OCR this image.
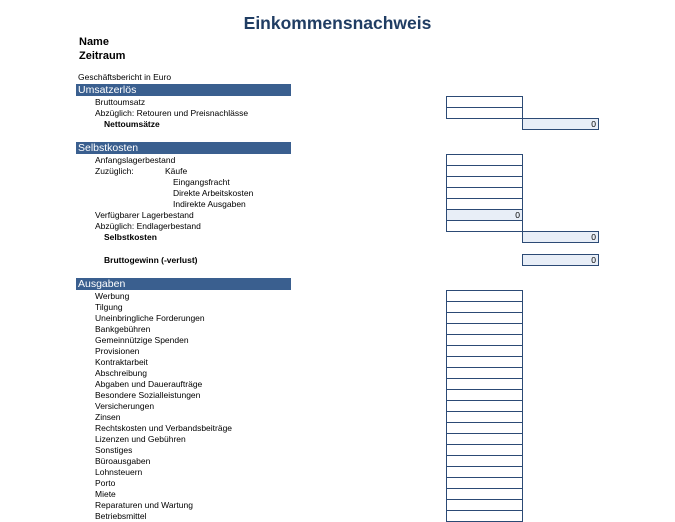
Einkommensnachweis
Name
Zeitraum
Geschäftsbericht in Euro
Umsatzerlös
Bruttoumsatz
Abzüglich: Retouren und Preisnachlässe
Nettoumsätze	0
Selbstkosten
Anfangslagerbestand
Zuzüglich:	Käufe
Eingangsfracht
Direkte Arbeitskosten
Indirekte Ausgaben
Verfügbarer Lagerbestand	0
Abzüglich: Endlagerbestand
Selbstkosten	0
Bruttogewinn (-verlust)	0
Ausgaben
Werbung
Tilgung
Uneinbringliche Forderungen
Bankgebühren
Gemeinnützige Spenden
Provisionen
Kontraktarbeit
Abschreibung
Abgaben und Daueraufträge
Besondere Sozialleistungen
Versicherungen
Zinsen
Rechtskosten und Verbandsbeiträge
Lizenzen und Gebühren
Sonstiges
Büroausgaben
Lohnsteuern
Porto
Miete
Reparaturen und Wartung
Betriebsmittel
